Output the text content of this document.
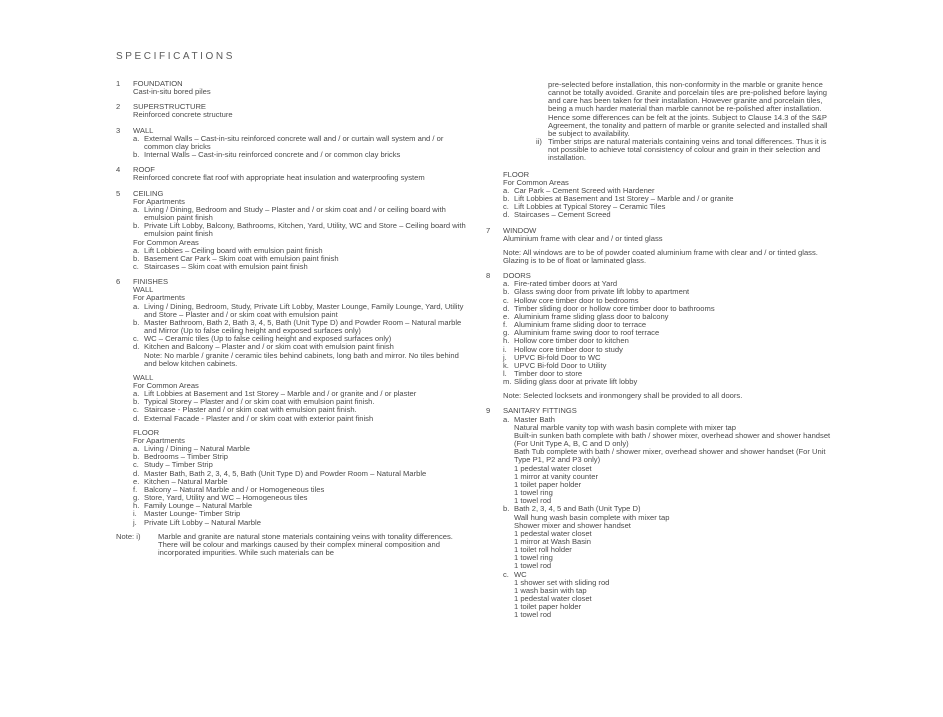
SPECIFICATIONS
1	FOUNDATION
Cast-in-situ bored piles
2	SUPERSTRUCTURE
Reinforced concrete structure
3	WALL
a. External Walls – Cast-in-situ reinforced concrete wall and / or curtain wall system and / or common clay bricks
b. Internal Walls – Cast-in-situ reinforced concrete and / or common clay bricks
4	ROOF
Reinforced concrete flat roof with appropriate heat insulation and waterproofing system
5	CEILING
For Apartments
a. Living / Dining, Bedroom and Study – Plaster and / or skim coat and / or ceiling board with emulsion paint finish
b. Private Lift Lobby, Balcony, Bathrooms, Kitchen, Yard, Utility, WC and Store – Ceiling board with emulsion paint finish
For Common Areas
a. Lift Lobbies – Ceiling board with emulsion paint finish
b. Basement Car Park – Skim coat with emulsion paint finish
c. Staircases – Skim coat with emulsion paint finish
6	FINISHES
WALL
For Apartments
a. Living / Dining, Bedroom, Study, Private Lift Lobby, Master Lounge, Family Lounge, Yard, Utility and Store – Plaster and / or skim coat with emulsion paint
b. Master Bathroom, Bath 2, Bath 3, 4, 5, Bath (Unit Type D) and Powder Room – Natural marble and Mirror (Up to false ceiling height and exposed surfaces only)
c. WC – Ceramic tiles (Up to false ceiling height and exposed surfaces only)
d. Kitchen and Balcony – Plaster and / or skim coat with emulsion paint finish
Note: No marble / granite / ceramic tiles behind cabinets, long bath and mirror. No tiles behind and below kitchen cabinets.
WALL
For Common Areas
a. Lift Lobbies at Basement and 1st Storey – Marble and / or granite and / or plaster
b. Typical Storey – Plaster and / or skim coat with emulsion paint finish.
c. Staircase - Plaster and / or skim coat with emulsion paint finish.
d. External Facade - Plaster and / or skim coat with exterior paint finish
FLOOR
For Apartments
a. Living / Dining – Natural Marble
b. Bedrooms – Timber Strip
c. Study – Timber Strip
d. Master Bath, Bath 2, 3, 4, 5, Bath (Unit Type D) and Powder Room – Natural Marble
e. Kitchen – Natural Marble
f. Balcony – Natural Marble and / or Homogeneous tiles
g. Store, Yard, Utility and WC – Homogeneous tiles
h. Family Lounge – Natural Marble
i. Master Lounge- Timber Strip
j. Private Lift Lobby – Natural Marble
Note: i)	Marble and granite are natural stone materials containing veins with tonality differences. There will be colour and markings caused by their complex mineral composition and incorporated impurities. While such materials can be
pre-selected before installation, this non-conformity in the marble or granite hence cannot be totally avoided. Granite and porcelain tiles are pre-polished before laying and care has been taken for their installation. However granite and porcelain tiles, being a much harder material than marble cannot be re-polished after installation. Hence some differences can be felt at the joints. Subject to Clause 14.3 of the S&P Agreement, the tonality and pattern of marble or granite selected and installed shall be subject to availability.
ii) Timber strips are natural materials containing veins and tonal differences. Thus it is not possible to achieve total consistency of colour and grain in their selection and installation.
FLOOR
For Common Areas
a. Car Park – Cement Screed with Hardener
b. Lift Lobbies at Basement and 1st Storey – Marble and / or granite
c. Lift Lobbies at Typical Storey – Ceramic Tiles
d. Staircases – Cement Screed
7	WINDOW
Aluminium frame with clear and / or tinted glass
Note: All windows are to be of powder coated aluminium frame with clear and / or tinted glass. Glazing is to be of float or laminated glass.
8	DOORS
a. Fire-rated timber doors at Yard
b. Glass swing door from private lift lobby to apartment
c. Hollow core timber door to bedrooms
d. Timber sliding door or hollow core timber door to bathrooms
e. Aluminium frame sliding glass door to balcony
f. Aluminium frame sliding door to terrace
g. Aluminium frame swing door to roof terrace
h. Hollow core timber door to kitchen
i. Hollow core timber door to study
j. UPVC Bi-fold Door to WC
k. UPVC Bi-fold Door to Utility
l. Timber door to store
m. Sliding glass door at private lift lobby
Note: Selected locksets and ironmongery shall be provided to all doors.
9	SANITARY FITTINGS
a. Master Bath
Natural marble vanity top with wash basin complete with mixer tap
Built-in sunken bath complete with bath / shower mixer, overhead shower and shower handset (For Unit Type A, B, C and D only)
Bath Tub complete with bath / shower mixer, overhead shower and shower handset (For Unit Type P1, P2 and P3 only)
1 pedestal water closet
1 mirror at vanity counter
1 toilet paper holder
1 towel ring
1 towel rod
b. Bath 2, 3, 4, 5 and Bath (Unit Type D)
Wall hung wash basin complete with mixer tap
Shower mixer and shower handset
1 pedestal water closet
1 mirror at Wash Basin
1 toilet roll holder
1 towel ring
1 towel rod
c. WC
1 shower set with sliding rod
1 wash basin with tap
1 pedestal water closet
1 toilet paper holder
1 towel rod
